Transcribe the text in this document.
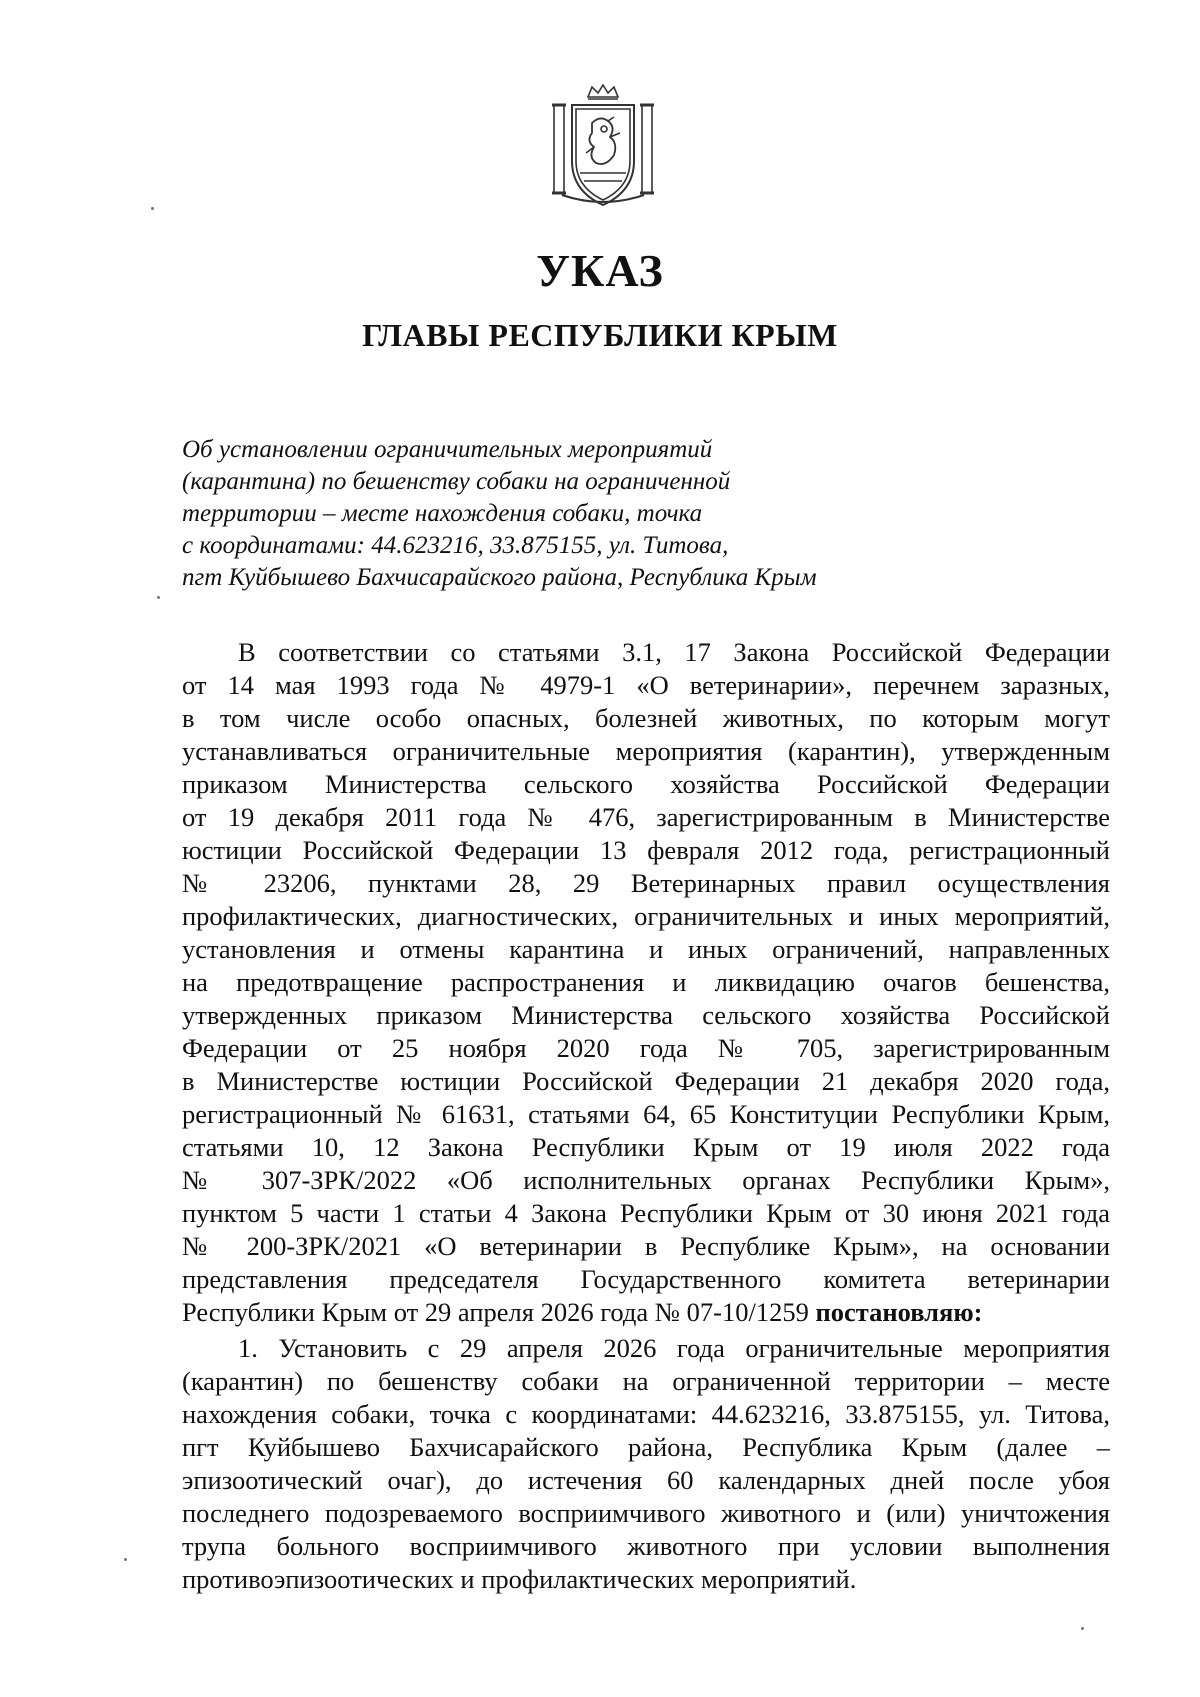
УКАЗ
ГЛАВЫ РЕСПУБЛИКИ КРЫМ
Об установлении ограничительных мероприятий
(карантина) по бешенству собаки на ограниченной
территории – месте нахождения собаки, точка
с координатами: 44.623216, 33.875155, ул. Титова,
пгт Куйбышево Бахчисарайского района, Республика Крым
В соответствии со статьями 3.1, 17 Закона Российской Федерации
от 14 мая 1993 года № 4979-1 «О ветеринарии», перечнем заразных,
в том числе особо опасных, болезней животных, по которым могут
устанавливаться ограничительные мероприятия (карантин), утвержденным
приказом Министерства сельского хозяйства Российской Федерации
от 19 декабря 2011 года № 476, зарегистрированным в Министерстве
юстиции Российской Федерации 13 февраля 2012 года, регистрационный
№ 23206, пунктами 28, 29 Ветеринарных правил осуществления
профилактических, диагностических, ограничительных и иных мероприятий,
установления и отмены карантина и иных ограничений, направленных
на предотвращение распространения и ликвидацию очагов бешенства,
утвержденных приказом Министерства сельского хозяйства Российской
Федерации от 25 ноября 2020 года № 705, зарегистрированным
в Министерстве юстиции Российской Федерации 21 декабря 2020 года,
регистрационный № 61631, статьями 64, 65 Конституции Республики Крым,
статьями 10, 12 Закона Республики Крым от 19 июля 2022 года
№ 307-ЗРК/2022 «Об исполнительных органах Республики Крым»,
пунктом 5 части 1 статьи 4 Закона Республики Крым от 30 июня 2021 года
№ 200-ЗРК/2021 «О ветеринарии в Республике Крым», на основании
представления председателя Государственного комитета ветеринарии
Республики Крым от 29 апреля 2026 года № 07-10/1259 постановляю:
1. Установить с 29 апреля 2026 года ограничительные мероприятия
(карантин) по бешенству собаки на ограниченной территории – месте
нахождения собаки, точка с координатами: 44.623216, 33.875155, ул. Титова,
пгт Куйбышево Бахчисарайского района, Республика Крым (далее –
эпизоотический очаг), до истечения 60 календарных дней после убоя
последнего подозреваемого восприимчивого животного и (или) уничтожения
трупа больного восприимчивого животного при условии выполнения
противоэпизоотических и профилактических мероприятий.
